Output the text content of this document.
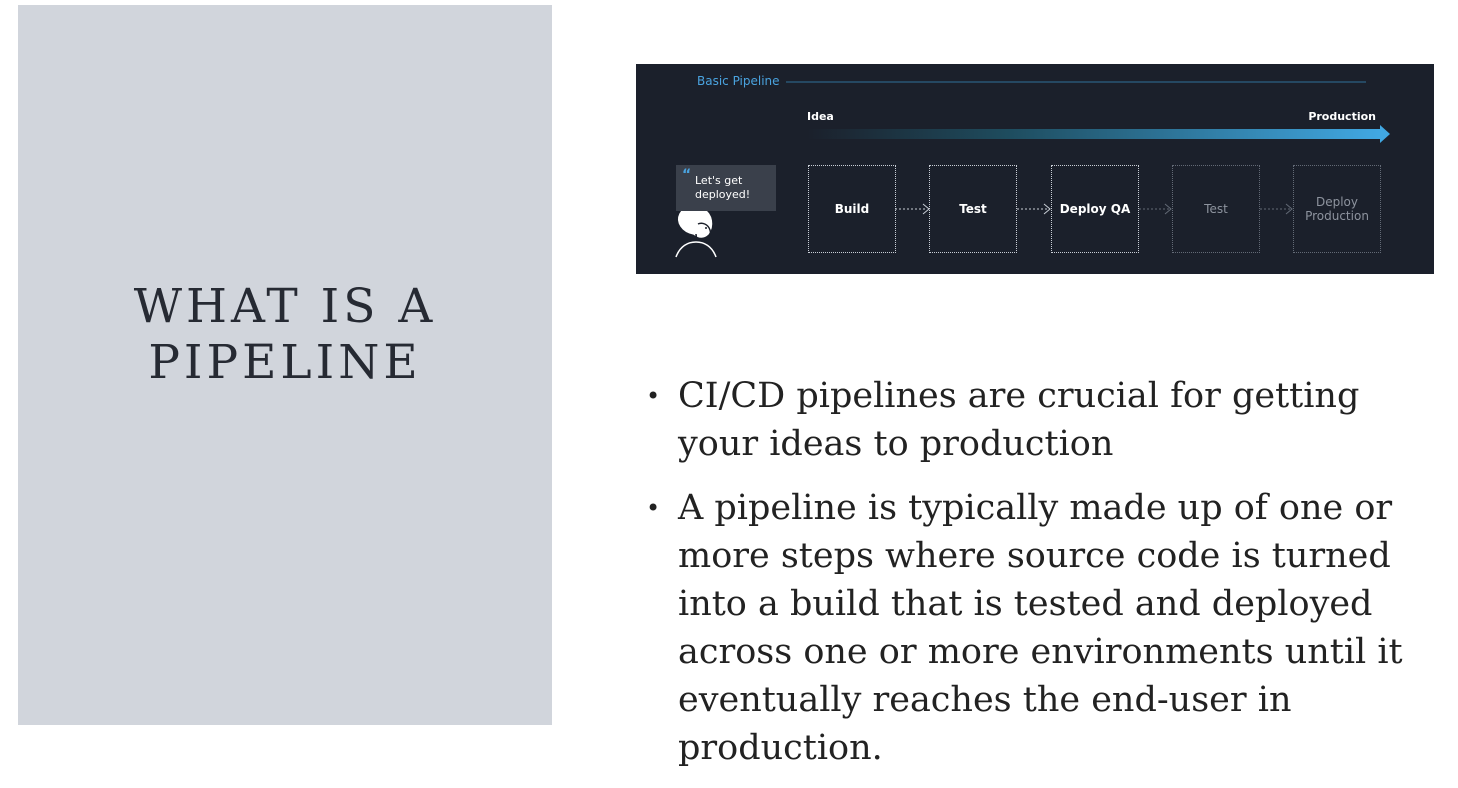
WHAT IS A
PIPELINE
Basic Pipeline
Idea	Production
“ Let's get deployed!
Build	Test	Deploy QA	Test	Deploy Production
• CI/CD pipelines are crucial for getting your ideas to production
• A pipeline is typically made up of one or more steps where source code is turned into a build that is tested and deployed across one or more environments until it eventually reaches the end-user in production.
